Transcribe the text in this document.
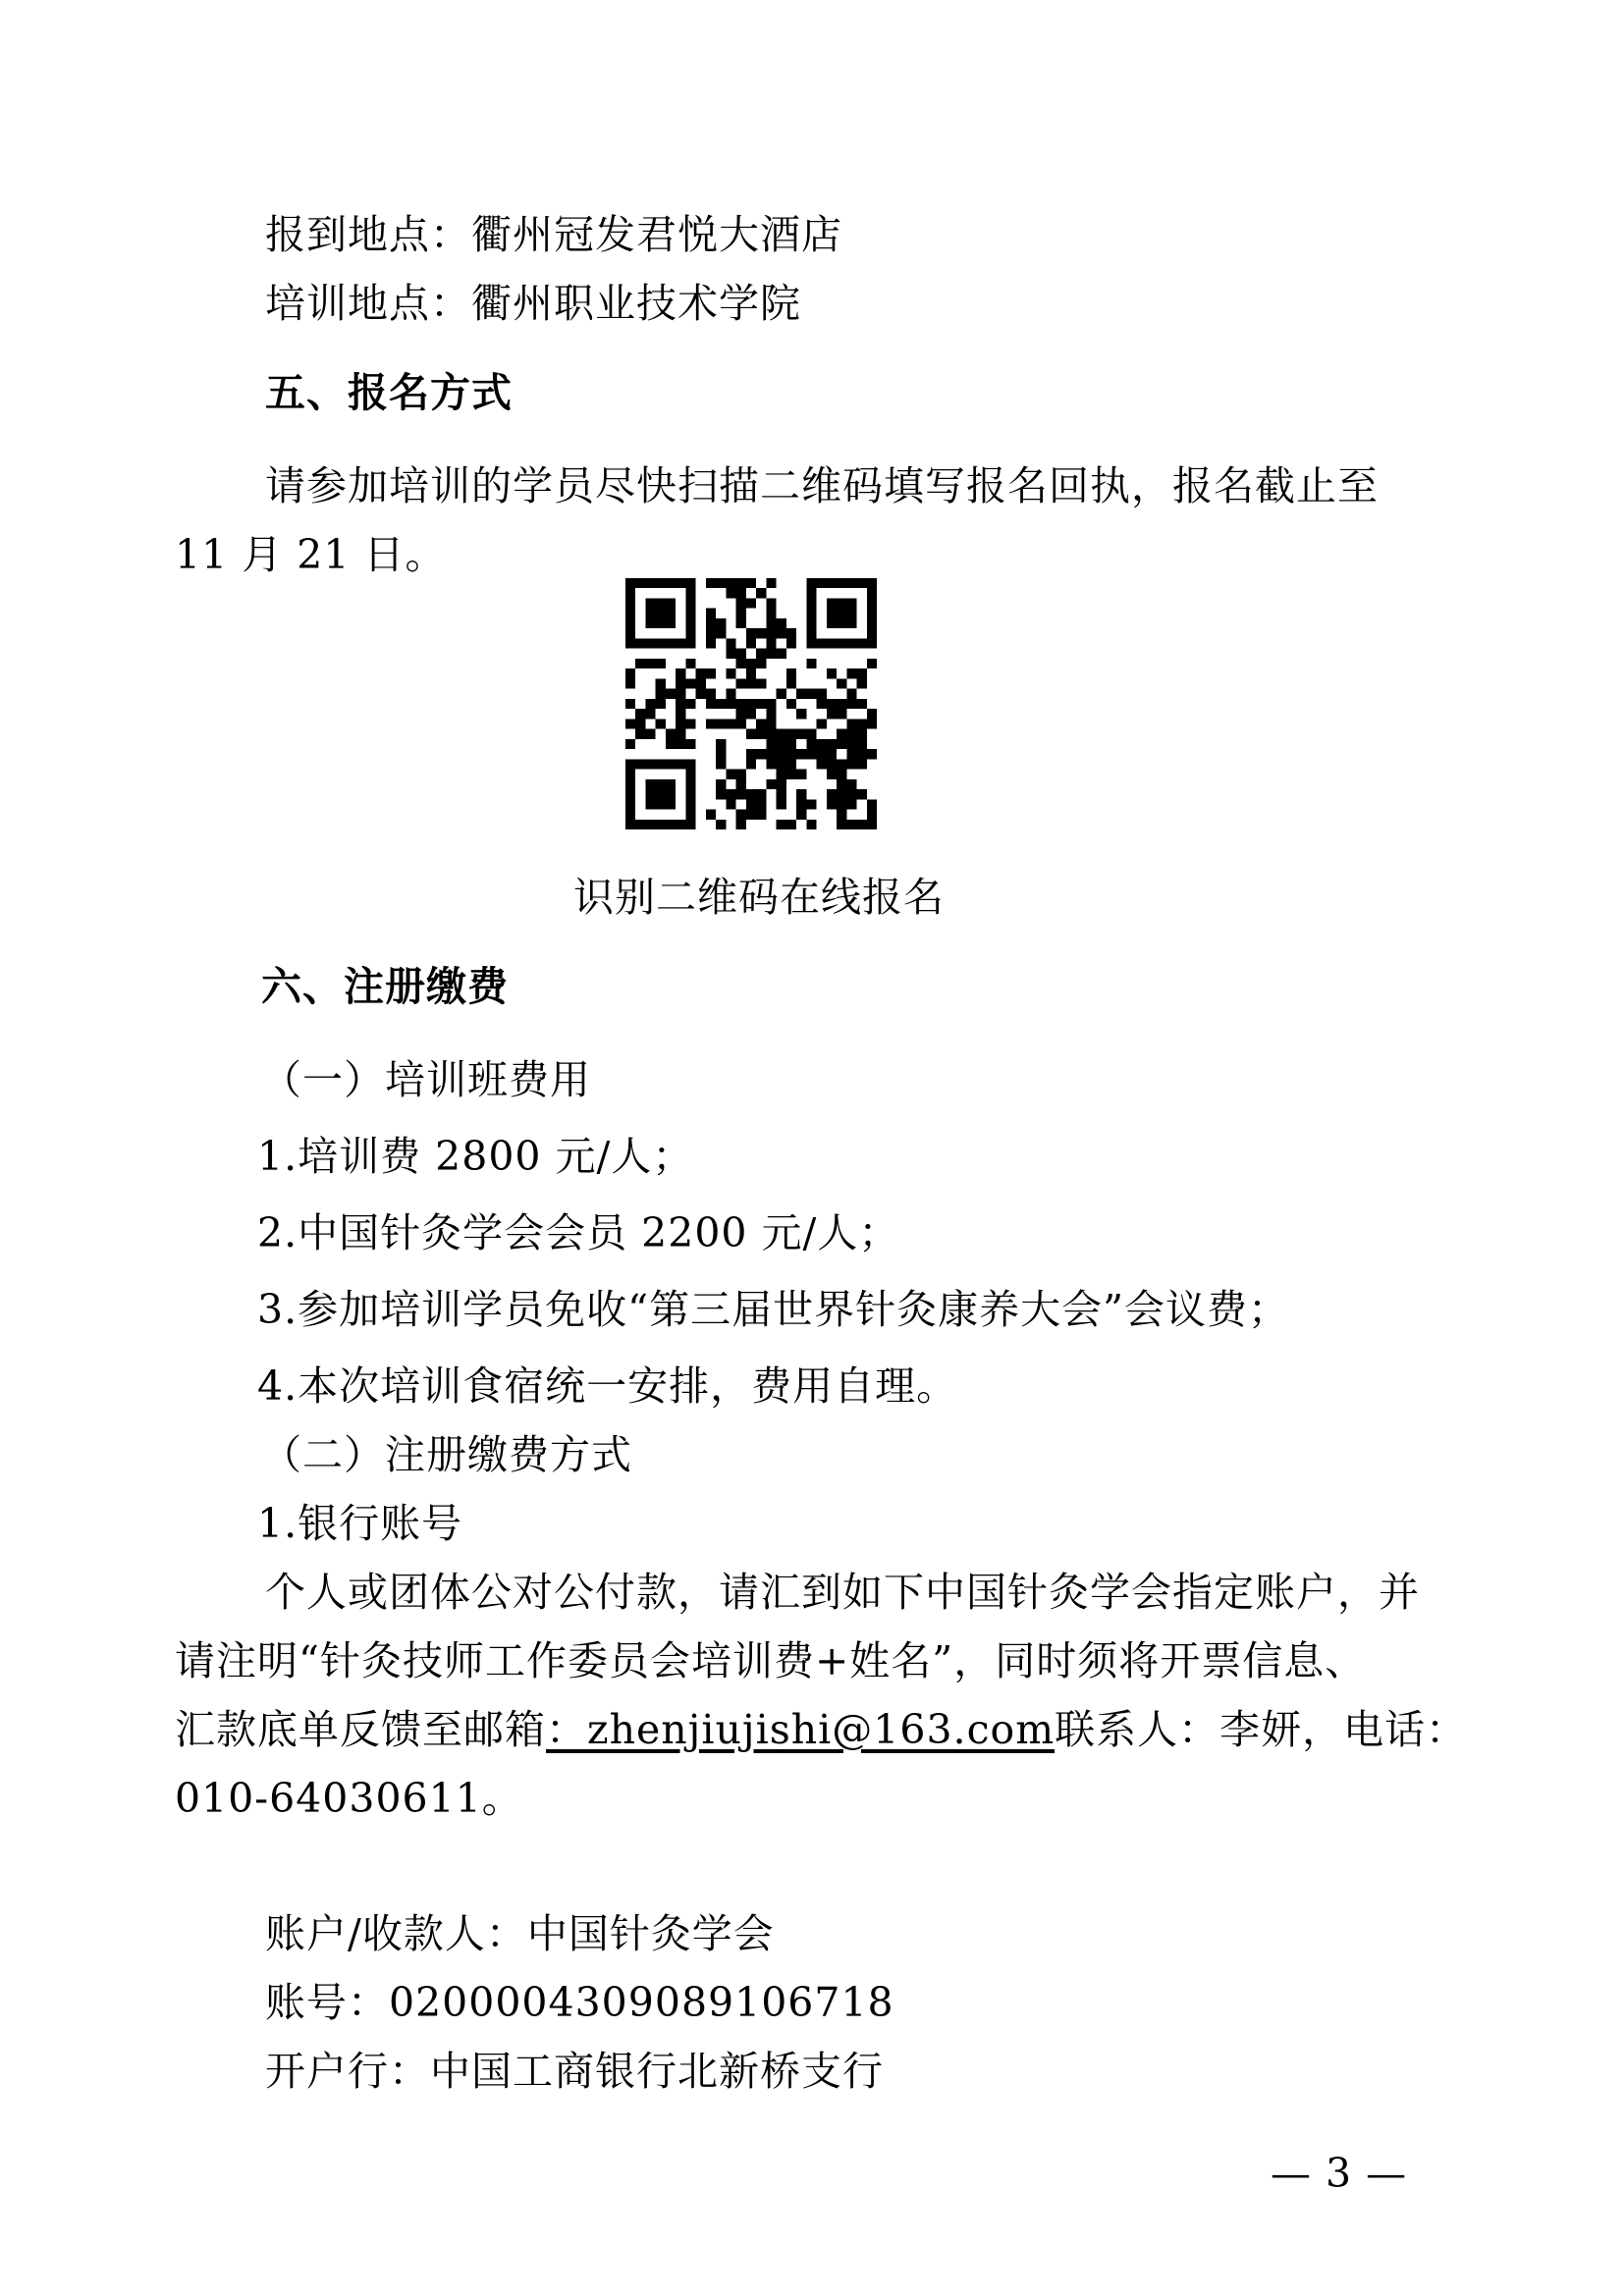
报到地点：衢州冠发君悦大酒店
培训地点：衢州职业技术学院
五、报名方式
请参加培训的学员尽快扫描二维码填写报名回执，报名截止至
11 月 21 日。
识别二维码在线报名
六、注册缴费
（一）培训班费用
1.培训费 2800 元/人；
2.中国针灸学会会员 2200 元/人；
3.参加培训学员免收“第三届世界针灸康养大会”会议费；
4.本次培训食宿统一安排，费用自理。
（二）注册缴费方式
1.银行账号
个人或团体公对公付款，请汇到如下中国针灸学会指定账户，并
请注明“针灸技师工作委员会培训费+姓名”，同时须将开票信息、
汇款底单反馈至邮箱：zhenjiujishi@163.com联系人：李妍，电话：
010-64030611。
账户/收款人：中国针灸学会
账号：0200004309089106718
开户行：中国工商银行北新桥支行
— 3 —
